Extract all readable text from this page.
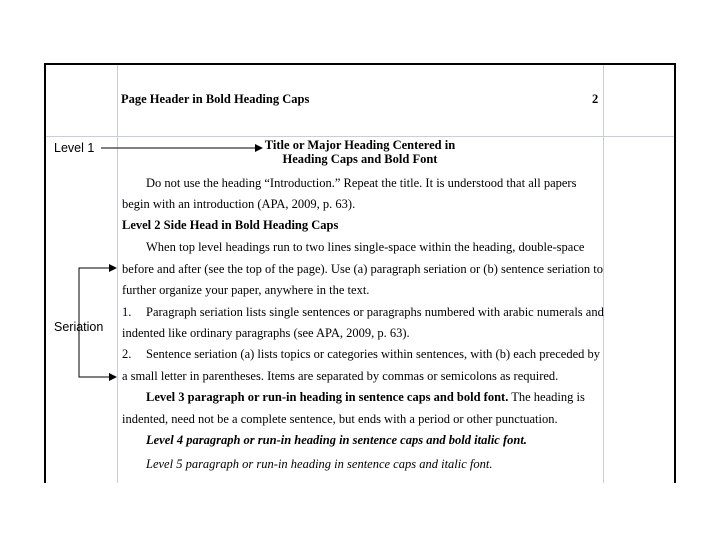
Page Header in Bold Heading Caps	2
Level 1
Seriation
Title or Major Heading Centered in
Heading Caps and Bold Font
Do not use the heading “Introduction.” Repeat the title. It is understood that all papers
begin with an introduction (APA, 2009, p. 63).
Level 2 Side Head in Bold Heading Caps
When top level headings run to two lines single-space within the heading, double-space
before and after (see the top of the page). Use (a) paragraph seriation or (b) sentence seriation to
further organize your paper, anywhere in the text.
1. Paragraph seriation lists single sentences or paragraphs numbered with arabic numerals and
indented like ordinary paragraphs (see APA, 2009, p. 63).
2. Sentence seriation (a) lists topics or categories within sentences, with (b) each preceded by
a small letter in parentheses. Items are separated by commas or semicolons as required.
Level 3 paragraph or run-in heading in sentence caps and bold font. The heading is
indented, need not be a complete sentence, but ends with a period or other punctuation.
Level 4 paragraph or run-in heading in sentence caps and bold italic font.
Level 5 paragraph or run-in heading in sentence caps and italic font.
